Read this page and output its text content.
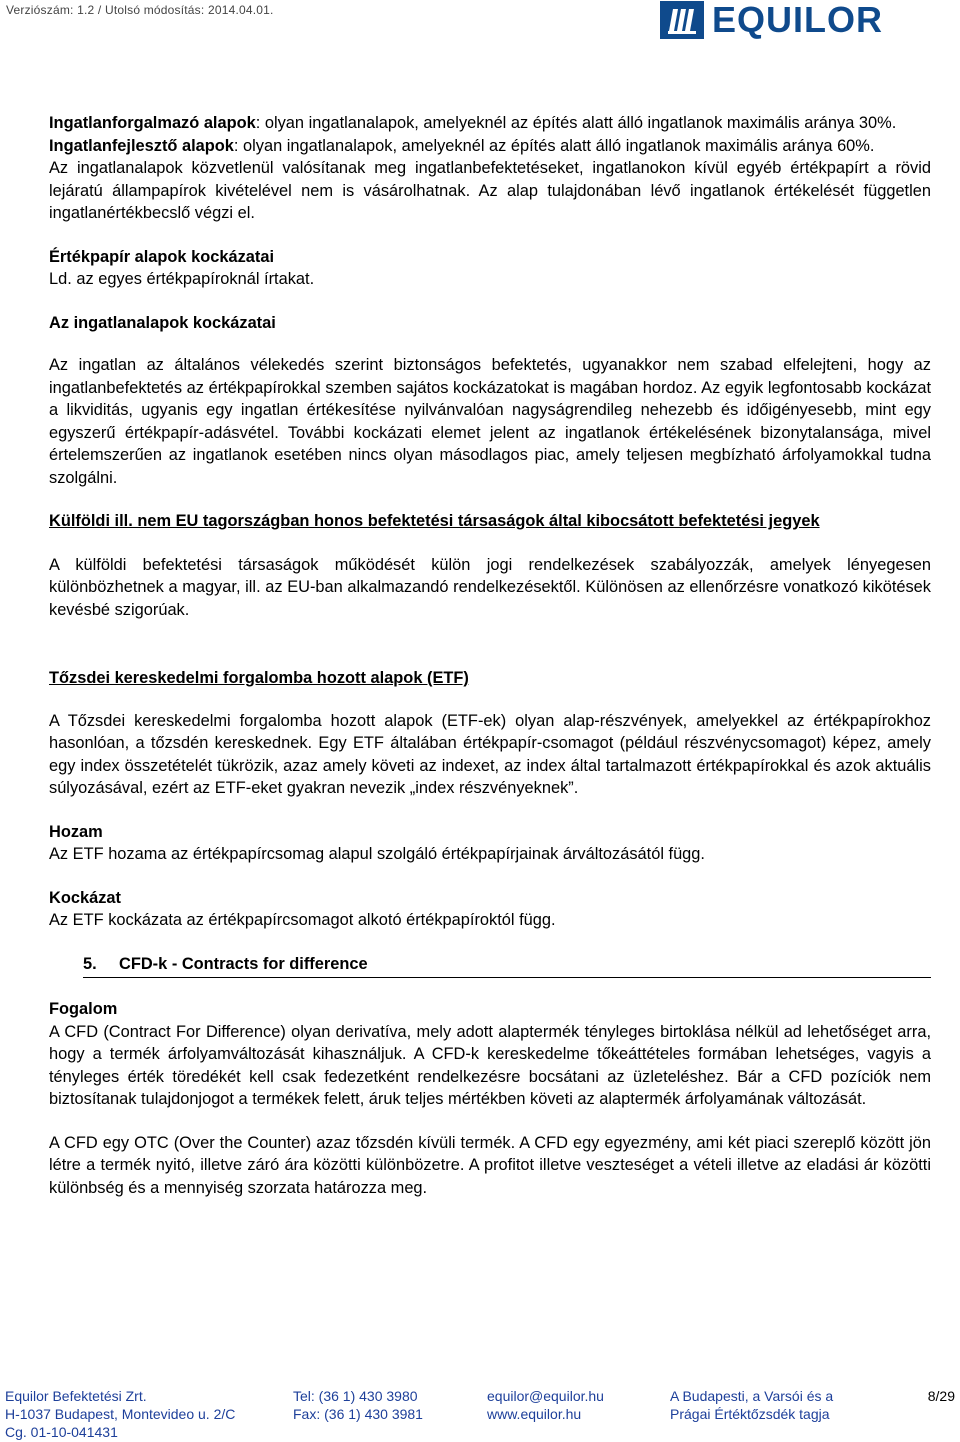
Verziószám: 1.2 / Utolsó módosítás: 2014.04.01.	EQUILOR

Ingatlanforgalmazó alapok: olyan ingatlanalapok, amelyeknél az építés alatt álló ingatlanok maximális aránya 30%.

Ingatlanfejlesztő alapok: olyan ingatlanalapok, amelyeknél az építés alatt álló ingatlanok maximális aránya 60%.

Az ingatlanalapok közvetlenül valósítanak meg ingatlanbefektetéseket, ingatlanokon kívül egyéb értékpapírt a rövid lejáratú állampapírok kivételével nem is vásárolhatnak. Az alap tulajdonában lévő ingatlanok értékelését független ingatlanértékbecslő végzi el.

Értékpapír alapok kockázatai

Ld. az egyes értékpapíroknál írtakat.

Az ingatlanalapok kockázatai

Az ingatlan az általános vélekedés szerint biztonságos befektetés, ugyanakkor nem szabad elfelejteni, hogy az ingatlanbefektetés az értékpapírokkal szemben sajátos kockázatokat is magában hordoz. Az egyik legfontosabb kockázat a likviditás, ugyanis egy ingatlan értékesítése nyilvánvalóan nagyságrendileg nehezebb és időigényesebb, mint egy egyszerű értékpapír-adásvétel. További kockázati elemet jelent az ingatlanok értékelésének bizonytalansága, mivel értelemszerűen az ingatlanok esetében nincs olyan másodlagos piac, amely teljesen megbízható árfolyamokkal tudna szolgálni.

Külföldi ill. nem EU tagországban honos befektetési társaságok által kibocsátott befektetési jegyek

A külföldi befektetési társaságok működését külön jogi rendelkezések szabályozzák, amelyek lényegesen különbözhetnek a magyar, ill. az EU-ban alkalmazandó rendelkezésektől. Különösen az ellenőrzésre vonatkozó kikötések kevésbé szigorúak.

Tőzsdei kereskedelmi forgalomba hozott alapok (ETF)

A Tőzsdei kereskedelmi forgalomba hozott alapok (ETF-ek) olyan alap-részvények, amelyekkel az értékpapírokhoz hasonlóan, a tőzsdén kereskednek. Egy ETF általában értékpapír-csomagot (például részvénycsomagot) képez, amely egy index összetételét tükrözik, azaz amely követi az indexet, az index által tartalmazott értékpapírokkal és azok aktuális súlyozásával, ezért az ETF-eket gyakran nevezik „index részvényeknek”.

Hozam

Az ETF hozama az értékpapírcsomag alapul szolgáló értékpapírjainak árváltozásától függ.

Kockázat

Az ETF kockázata az értékpapírcsomagot alkotó értékpapíroktól függ.

5. CFD-k - Contracts for difference

Fogalom

A CFD (Contract For Difference) olyan derivatíva, mely adott alaptermék tényleges birtoklása nélkül ad lehetőséget arra, hogy a termék árfolyamváltozását kihasználjuk. A CFD-k kereskedelme tőkeáttételes formában lehetséges, vagyis a tényleges érték töredékét kell csak fedezetként rendelkezésre bocsátani az üzleteléshez. Bár a CFD pozíciók nem biztosítanak tulajdonjogot a termékek felett, áruk teljes mértékben követi az alaptermék árfolyamának változását.

A CFD egy OTC (Over the Counter) azaz tőzsdén kívüli termék. A CFD egy egyezmény, ami két piaci szereplő között jön létre a termék nyitó, illetve záró ára közötti különbözetre. A profitot illetve veszteséget a vételi illetve az eladási ár közötti különbség és a mennyiség szorzata határozza meg.

Equilor Befektetési Zrt.
H-1037 Budapest, Montevideo u. 2/C
Cg. 01-10-041431
Tel: (36 1) 430 3980
Fax: (36 1) 430 3981
equilor@equilor.hu
www.equilor.hu
A Budapesti, a Varsói és a
Prágai Értéktőzsdék tagja
8/29
